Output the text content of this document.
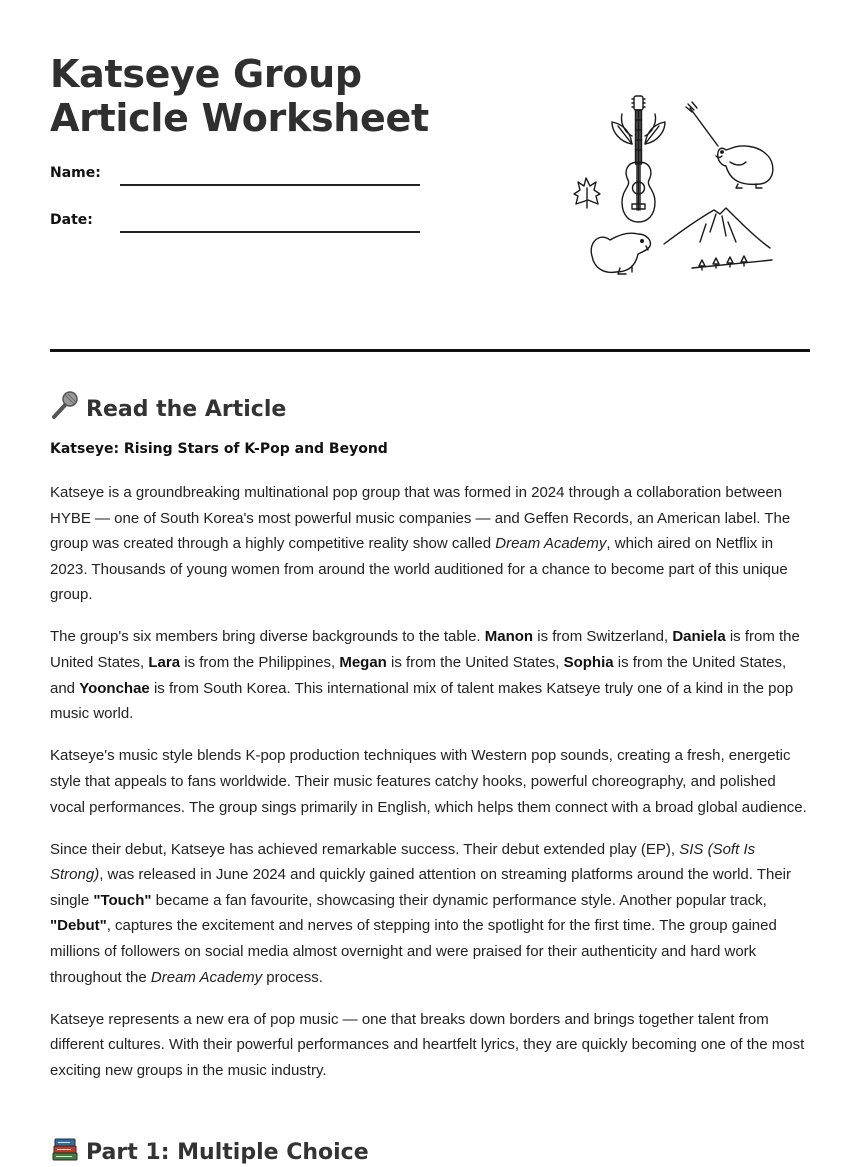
Katseye Group Article Worksheet
Name:
Date:
Read the Article
Katseye: Rising Stars of K-Pop and Beyond

Katseye is a groundbreaking multinational pop group that was formed in 2024 through a collaboration between HYBE — one of South Korea's most powerful music companies — and Geffen Records, an American label. The group was created through a highly competitive reality show called Dream Academy, which aired on Netflix in 2023. Thousands of young women from around the world auditioned for a chance to become part of this unique group.

The group's six members bring diverse backgrounds to the table. Manon is from Switzerland, Daniela is from the United States, Lara is from the Philippines, Megan is from the United States, Sophia is from the United States, and Yoonchae is from South Korea. This international mix of talent makes Katseye truly one of a kind in the pop music world.

Katseye's music style blends K-pop production techniques with Western pop sounds, creating a fresh, energetic style that appeals to fans worldwide. Their music features catchy hooks, powerful choreography, and polished vocal performances. The group sings primarily in English, which helps them connect with a broad global audience.

Since their debut, Katseye has achieved remarkable success. Their debut extended play (EP), SIS (Soft Is Strong), was released in June 2024 and quickly gained attention on streaming platforms around the world. Their single "Touch" became a fan favourite, showcasing their dynamic performance style. Another popular track, "Debut", captures the excitement and nerves of stepping into the spotlight for the first time. The group gained millions of followers on social media almost overnight and were praised for their authenticity and hard work throughout the Dream Academy process.

Katseye represents a new era of pop music — one that breaks down borders and brings together talent from different cultures. With their powerful performances and heartfelt lyrics, they are quickly becoming one of the most exciting new groups in the music industry.

Part 1: Multiple Choice
